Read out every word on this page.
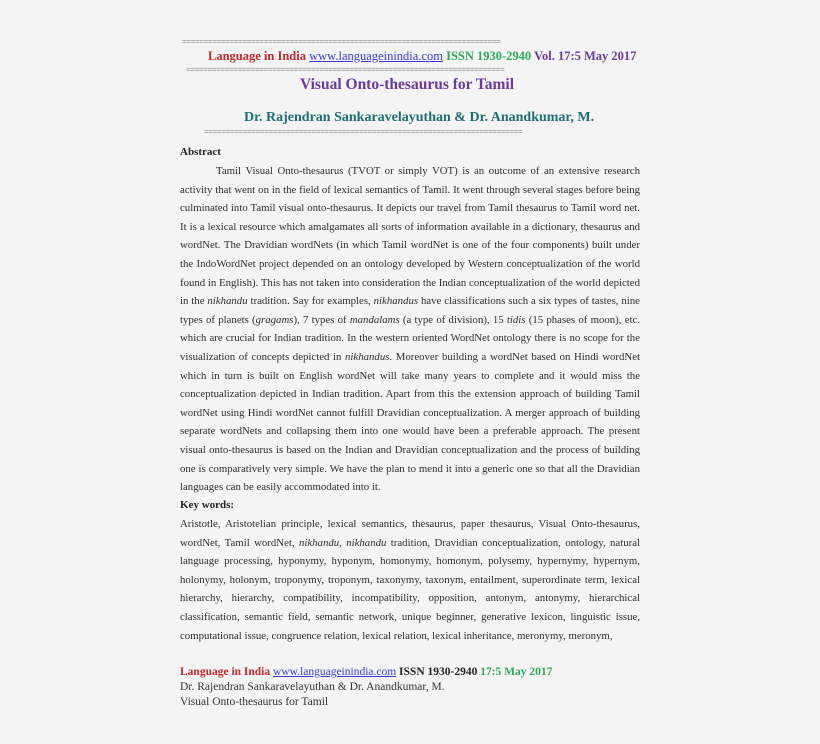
==========================================================================
Language in India www.languageinindia.com ISSN 1930-2940 Vol. 17:5 May 2017
==========================================================================
Visual Onto-thesaurus for Tamil
Dr. Rajendran Sankaravelayuthan & Dr. Anandkumar, M.
==========================================================================
Abstract
Tamil Visual Onto-thesaurus (TVOT or simply VOT) is an outcome of an extensive research activity that went on in the field of lexical semantics of Tamil. It went through several stages before being culminated into Tamil visual onto-thesaurus. It depicts our travel from Tamil thesaurus to Tamil word net. It is a lexical resource which amalgamates all sorts of information available in a dictionary, thesaurus and wordNet. The Dravidian wordNets (in which Tamil wordNet is one of the four components) built under the IndoWordNet project depended on an ontology developed by Western conceptualization of the world found in English). This has not taken into consideration the Indian conceptualization of the world depicted in the nikhandu tradition. Say for examples, nikhandus have classifications such a six types of tastes, nine types of planets (gragams), 7 types of mandalams (a type of division), 15 tidis (15 phases of moon), etc. which are crucial for Indian tradition. In the western oriented WordNet ontology there is no scope for the visualization of concepts depicted in nikhandus. Moreover building a wordNet based on Hindi wordNet which in turn is built on English wordNet will take many years to complete and it would miss the conceptualization depicted in Indian tradition. Apart from this the extension approach of building Tamil wordNet using Hindi wordNet cannot fulfill Dravidian conceptualization. A merger approach of building separate wordNets and collapsing them into one would have been a preferable approach. The present visual onto-thesaurus is based on the Indian and Dravidian conceptualization and the process of building one is comparatively very simple. We have the plan to mend it into a generic one so that all the Dravidian languages can be easily accommodated into it.
Key words:
Aristotle, Aristotelian principle, lexical semantics, thesaurus, paper thesaurus, Visual Onto-thesaurus, wordNet, Tamil wordNet, nikhandu, nikhandu tradition, Dravidian conceptualization, ontology, natural language processing, hyponymy, hyponym, homonymy, homonym, polysemy, hypernymy, hypernym, holonymy, holonym, troponymy, troponym, taxonymy, taxonym, entailment, superordinate term, lexical hierarchy, hierarchy, compatibility, incompatibility, opposition, antonym, antonymy, hierarchical classification, semantic field, semantic network, unique beginner, generative lexicon, linguistic issue, computational issue, congruence relation, lexical relation, lexical inheritance, meronymy, meronym,
Language in India www.languageinindia.com ISSN 1930-2940 17:5 May 2017
Dr. Rajendran Sankaravelayuthan & Dr. Anandkumar, M.
Visual Onto-thesaurus for Tamil
